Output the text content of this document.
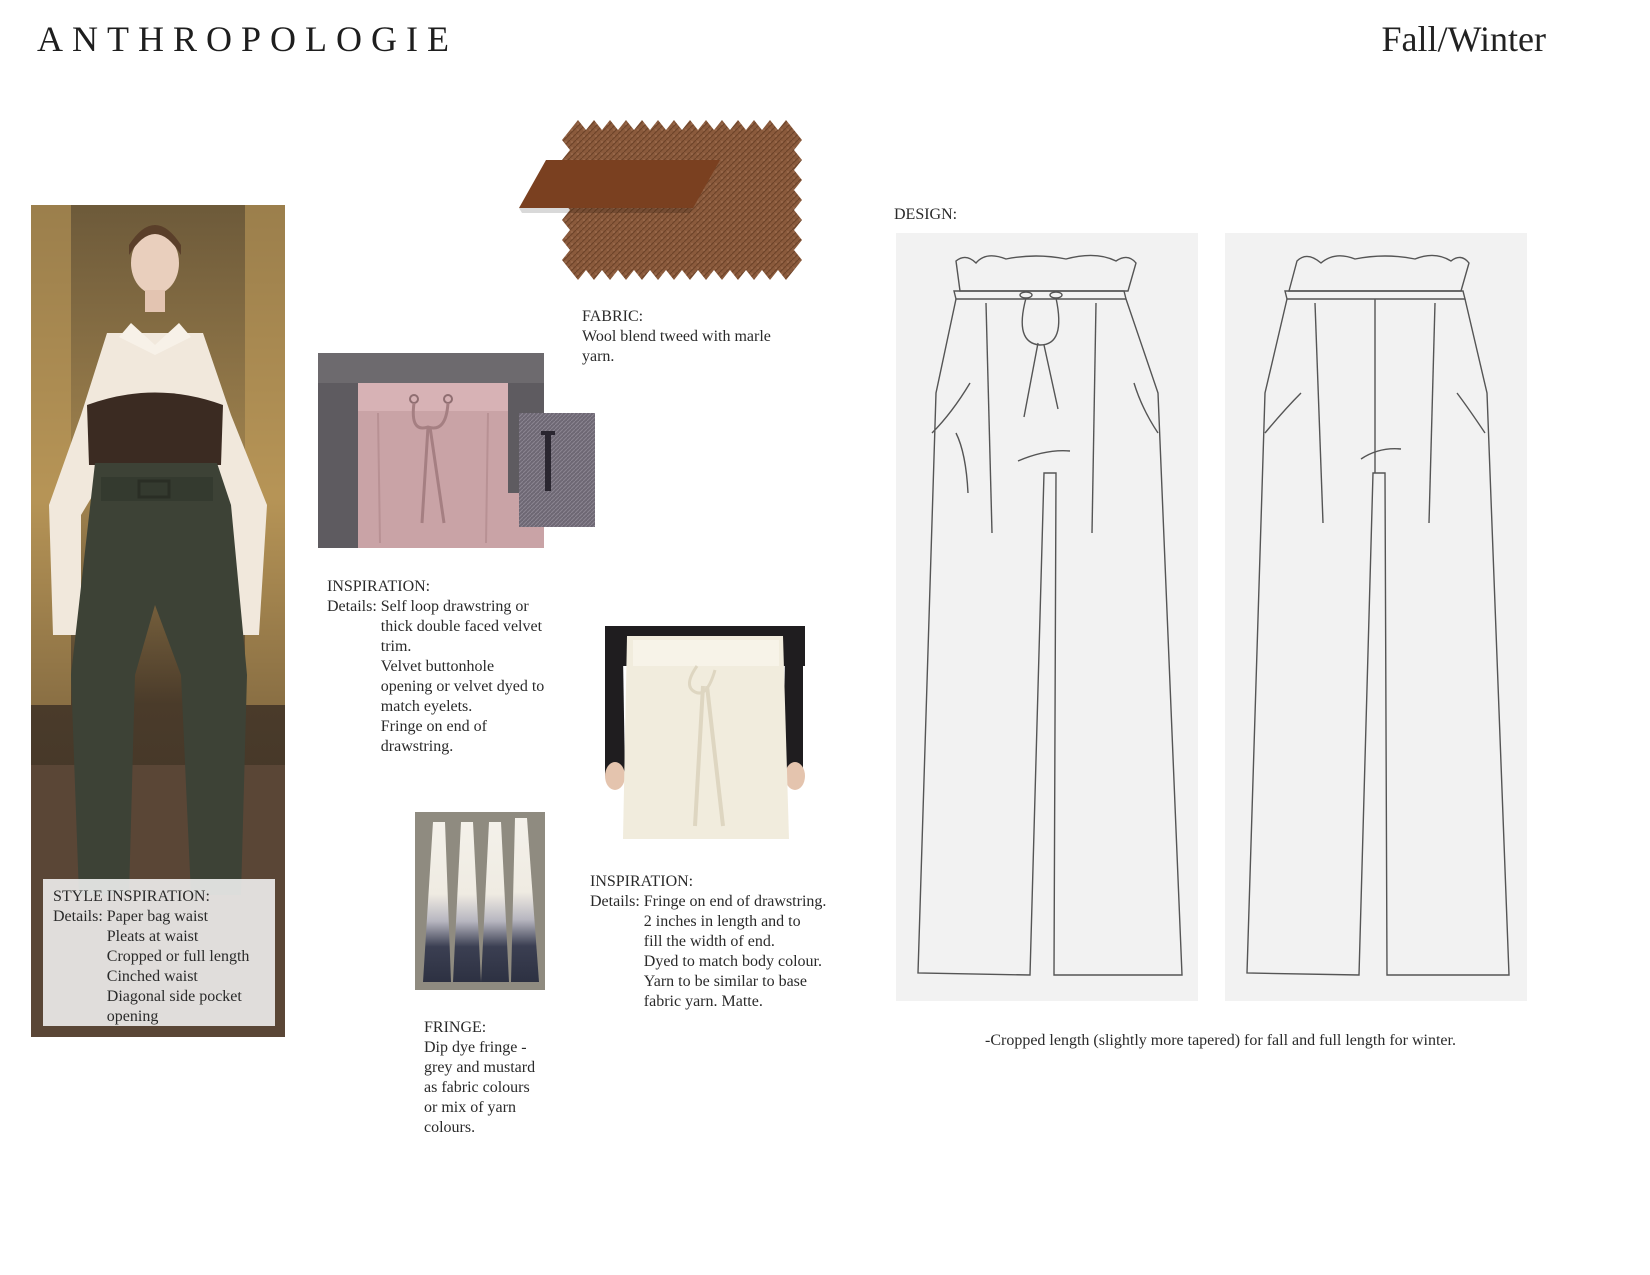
ANTHROPOLOGIE	Fall/Winter
STYLE INSPIRATION:
Details: Paper bag waist
Pleats at waist
Cropped or full length
Cinched waist
Diagonal side pocket
opening
FABRIC:
Wool blend tweed with marle
yarn.
INSPIRATION:
Details: Self loop drawstring or
thick double faced velvet
trim.
Velvet buttonhole
opening or velvet dyed to
match eyelets.
Fringe on end of
drawstring.
FRINGE:
Dip dye fringe -
grey and mustard
as fabric colours
or mix of yarn
colours.
INSPIRATION:
Details: Fringe on end of drawstring.
2 inches in length and to
fill the width of end.
Dyed to match body colour.
Yarn to be similar to base
fabric yarn. Matte.
DESIGN:
-Cropped length (slightly more tapered) for fall and full length for winter.
